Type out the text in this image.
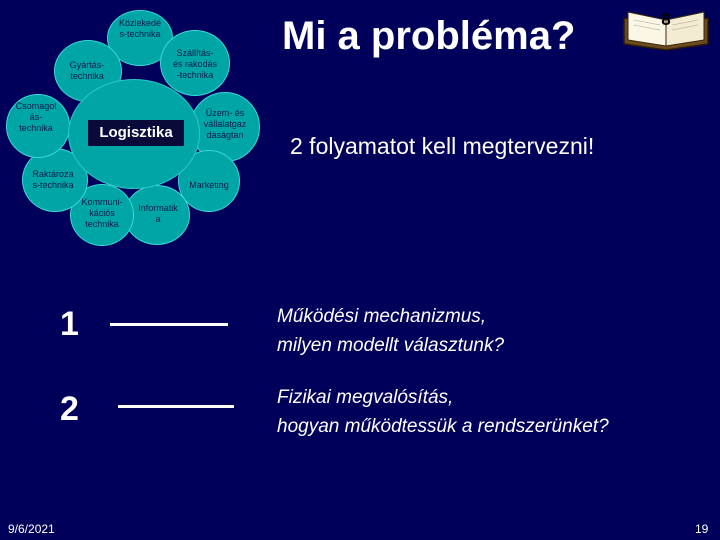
Logisztika
Közlekedé
s-technika
Szállítás-
és rakodás
-technika
Üzem- és
vállalatgaz
daságtan
Marketing
Informatik
a
Kommuni-
kációs
technika
Raktároza
s-technika
Csomagol
ás-
technika
Gyártás-
technika
Mi a probléma?	8
2 folyamatot kell megtervezni!
1	Működési mechanizmus,
milyen modellt választunk?
2	Fizikai megvalósítás,
hogyan működtessük a rendszerünket?
9/6/2021	19
